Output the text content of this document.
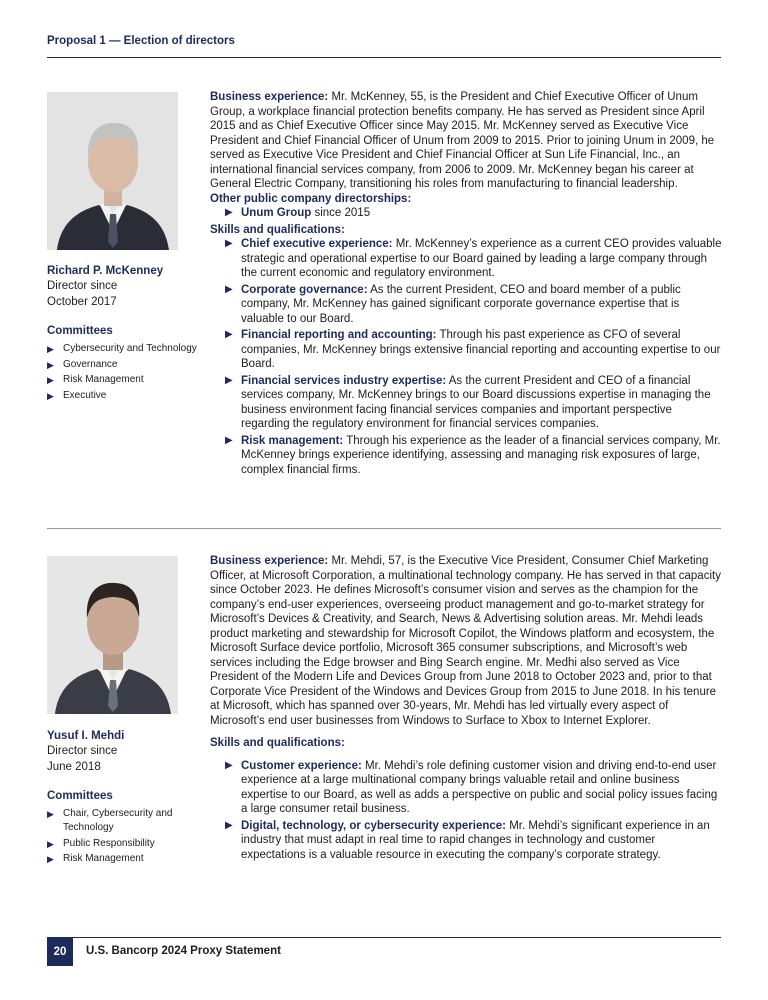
Proposal 1 — Election of directors

Richard P. McKenney

Director since

October 2017

Committees

▶ Cybersecurity and Technology
▶ Governance
▶ Risk Management
▶ Executive

Business experience: Mr. McKenney, 55, is the President and Chief Executive Officer of Unum Group, a workplace financial protection benefits company. He has served as President since April 2015 and as Chief Executive Officer since May 2015. Mr. McKenney served as Executive Vice President and Chief Financial Officer of Unum from 2009 to 2015. Prior to joining Unum in 2009, he served as Executive Vice President and Chief Financial Officer at Sun Life Financial, Inc., an international financial services company, from 2006 to 2009. Mr. McKenney began his career at General Electric Company, transitioning his roles from manufacturing to financial leadership.

Other public company directorships:

▶ Unum Group since 2015

Skills and qualifications:

▶ Chief executive experience: Mr. McKenney’s experience as a current CEO provides valuable strategic and operational expertise to our Board gained by leading a large company through the current economic and regulatory environment.
▶ Corporate governance: As the current President, CEO and board member of a public company, Mr. McKenney has gained significant corporate governance expertise that is valuable to our Board.
▶ Financial reporting and accounting: Through his past experience as CFO of several companies, Mr. McKenney brings extensive financial reporting and accounting expertise to our Board.
▶ Financial services industry expertise: As the current President and CEO of a financial services company, Mr. McKenney brings to our Board discussions expertise in managing the business environment facing financial services companies and important perspective regarding the regulatory environment for financial services companies.
▶ Risk management: Through his experience as the leader of a financial services company, Mr. McKenney brings experience identifying, assessing and managing risk exposures of large, complex financial firms.

Yusuf I. Mehdi

Director since

June 2018

Committees

▶ Chair, Cybersecurity and Technology
▶ Public Responsibility
▶ Risk Management

Business experience: Mr. Mehdi, 57, is the Executive Vice President, Consumer Chief Marketing Officer, at Microsoft Corporation, a multinational technology company. He has served in that capacity since October 2023. He defines Microsoft’s consumer vision and serves as the champion for the company’s end-user experiences, overseeing product management and go-to-market strategy for Microsoft’s Devices & Creativity, and Search, News & Advertising solution areas. Mr. Mehdi leads product marketing and stewardship for Microsoft Copilot, the Windows platform and ecosystem, the Microsoft Surface device portfolio, Microsoft 365 consumer subscriptions, and Microsoft’s web services including the Edge browser and Bing Search engine. Mr. Medhi also served as Vice President of the Modern Life and Devices Group from June 2018 to October 2023 and, prior to that Corporate Vice President of the Windows and Devices Group from 2015 to June 2018. In his tenure at Microsoft, which has spanned over 30-years, Mr. Mehdi has led virtually every aspect of Microsoft’s end user businesses from Windows to Surface to Xbox to Internet Explorer.

Skills and qualifications:

▶ Customer experience: Mr. Mehdi’s role defining customer vision and driving end-to-end user experience at a large multinational company brings valuable retail and online business expertise to our Board, as well as adds a perspective on public and social policy issues facing a large consumer retail business.
▶ Digital, technology, or cybersecurity experience: Mr. Mehdi’s significant experience in an industry that must adapt in real time to rapid changes in technology and customer expectations is a valuable resource in executing the company’s corporate strategy.
20 U.S. Bancorp 2024 Proxy Statement
